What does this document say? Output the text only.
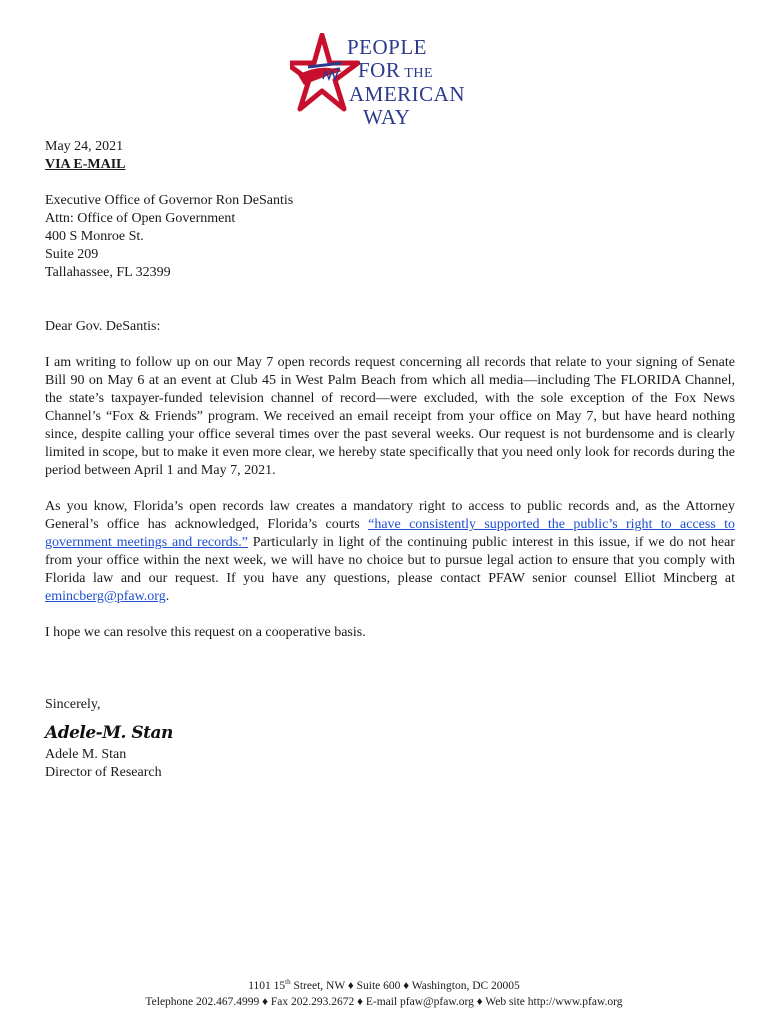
PEOPLE
FOR THE
AMERICAN
WAY
May 24, 2021
VIA E-MAIL
Executive Office of Governor Ron DeSantis
Attn: Office of Open Government
400 S Monroe St.
Suite 209
Tallahassee, FL 32399
Dear Gov. DeSantis:

I am writing to follow up on our May 7 open records request concerning all records that relate to your signing of Senate Bill 90 on May 6 at an event at Club 45 in West Palm Beach from which all media—including The FLORIDA Channel, the state’s taxpayer-funded television channel of record—were excluded, with the sole exception of the Fox News Channel’s “Fox & Friends” program. We received an email receipt from your office on May 7, but have heard nothing since, despite calling your office several times over the past several weeks. Our request is not burdensome and is clearly limited in scope, but to make it even more clear, we hereby state specifically that you need only look for records during the period between April 1 and May 7, 2021.

As you know, Florida’s open records law creates a mandatory right to access to public records and, as the Attorney General’s office has acknowledged, Florida’s courts “have consistently supported the public’s right to access to government meetings and records.” Particularly in light of the continuing public interest in this issue, if we do not hear from your office within the next week, we will have no choice but to pursue legal action to ensure that you comply with Florida law and our request. If you have any questions, please contact PFAW senior counsel Elliot Mincberg at emincberg@pfaw.org.

I hope we can resolve this request on a cooperative basis.

Sincerely,
Adele-M. Stan
Adele M. Stan
Director of Research
1101 15th Street, NW ♦ Suite 600 ♦ Washington, DC 20005
Telephone 202.467.4999 ♦ Fax 202.293.2672 ♦ E-mail pfaw@pfaw.org ♦ Web site http://www.pfaw.org
